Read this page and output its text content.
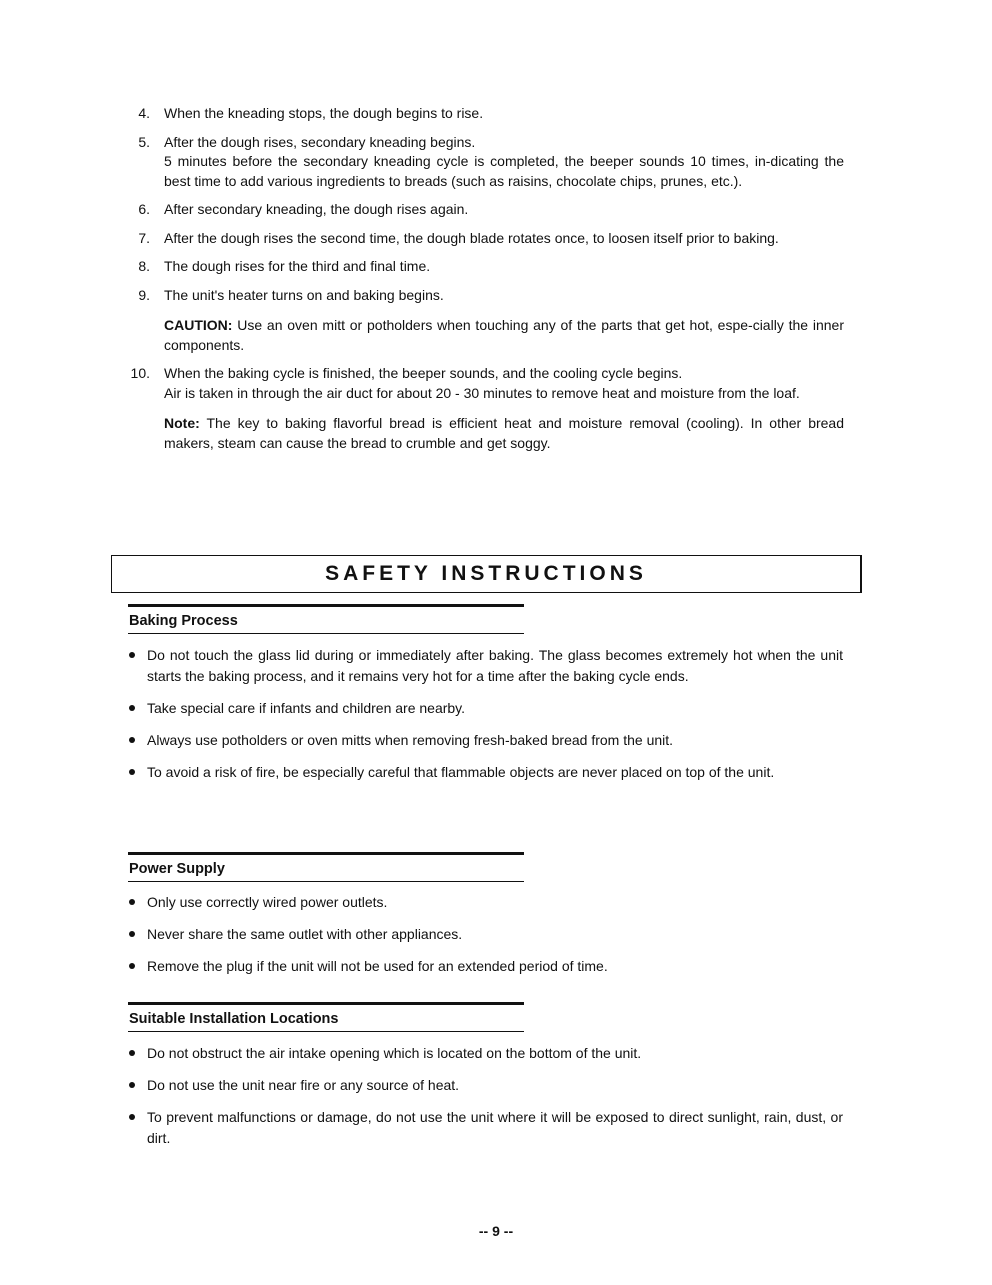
4. When the kneading stops, the dough begins to rise.

5. After the dough rises, secondary kneading begins.

5 minutes before the secondary kneading cycle is completed, the beeper sounds 10 times, in-dicating the best time to add various ingredients to breads (such as raisins, chocolate chips, prunes, etc.).

6. After secondary kneading, the dough rises again.

7. After the dough rises the second time, the dough blade rotates once, to loosen itself prior to baking.

8. The dough rises for the third and final time.

9. The unit's heater turns on and baking begins.

CAUTION: Use an oven mitt or potholders when touching any of the parts that get hot, espe-cially the inner components.

10. When the baking cycle is finished, the beeper sounds, and the cooling cycle begins.

Air is taken in through the air duct for about 20 - 30 minutes to remove heat and moisture from the loaf.

Note: The key to baking flavorful bread is efficient heat and moisture removal (cooling). In other bread makers, steam can cause the bread to crumble and get soggy.

SAFETY INSTRUCTIONS
Baking Process
Do not touch the glass lid during or immediately after baking. The glass becomes extremely hot when the unit starts the baking process, and it remains very hot for a time after the baking cycle ends.
Take special care if infants and children are nearby.
Always use potholders or oven mitts when removing fresh-baked bread from the unit.
To avoid a risk of fire, be especially careful that flammable objects are never placed on top of the unit.
Power Supply
Only use correctly wired power outlets.
Never share the same outlet with other appliances.
Remove the plug if the unit will not be used for an extended period of time.
Suitable Installation Locations
Do not obstruct the air intake opening which is located on the bottom of the unit.
Do not use the unit near fire or any source of heat.
To prevent malfunctions or damage, do not use the unit where it will be exposed to direct sunlight, rain, dust, or dirt.
-- 9 --
